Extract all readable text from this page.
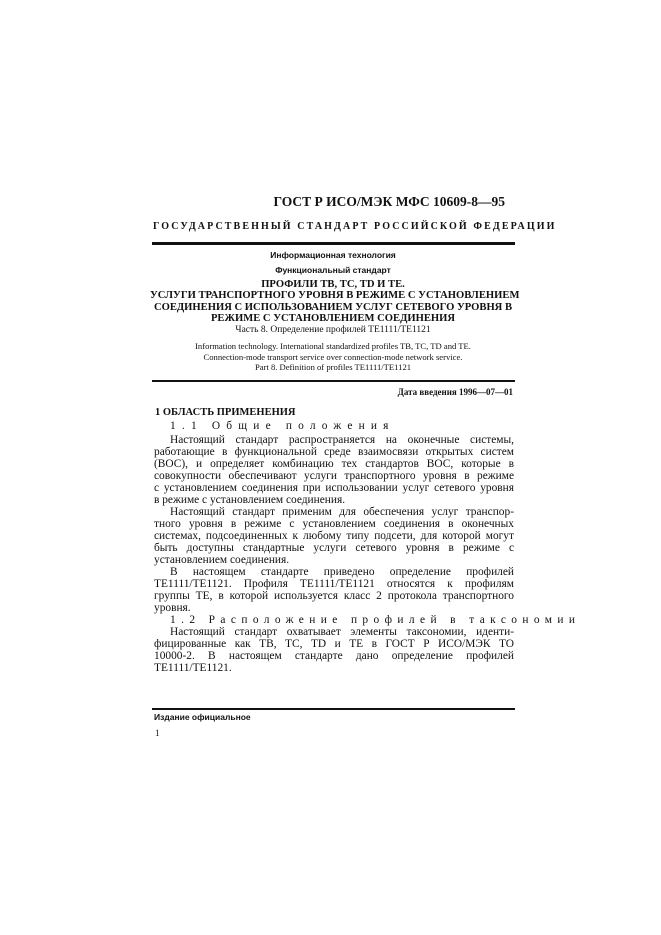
ГОСТ Р ИСО/МЭК МФС 10609-8—95
ГОСУДАРСТВЕННЫЙ СТАНДАРТ РОССИЙСКОЙ ФЕДЕРАЦИИ
Информационная технология
Функциональный стандарт
ПРОФИЛИ ТВ, ТС, TD И ТЕ.
УСЛУГИ ТРАНСПОРТНОГО УРОВНЯ В РЕЖИМЕ С УСТАНОВЛЕНИЕМ
СОЕДИНЕНИЯ С ИСПОЛЬЗОВАНИЕМ УСЛУГ СЕТЕВОГО УРОВНЯ В
РЕЖИМЕ С УСТАНОВЛЕНИЕМ СОЕДИНЕНИЯ
Часть 8. Определение профилей ТЕ1111/ТЕ1121
Information technology. International standardized profiles TB, TC, TD and TE.
Connection-mode transport service over connection-mode network service.
Part 8. Definition of profiles TE1111/TE1121
Дата введения 1996—07—01
1 ОБЛАСТЬ ПРИМЕНЕНИЯ
1.1 Общие положения
Настоящий стандарт распространяется на оконечные системы,
работающие в функциональной среде взаимосвязи открытых систем
(ВОС), и определяет комбинацию тех стандартов ВОС, которые в
совокупности обеспечивают услуги транспортного уровня в режиме
с установлением соединения при использовании услуг сетевого уровня
в режиме с установлением соединения.
Настоящий стандарт применим для обеспечения услуг транспор-
тного уровня в режиме с установлением соединения в оконечных
системах, подсоединенных к любому типу подсети, для которой могут
быть доступны стандартные услуги сетевого уровня в режиме с
установлением соединения.
В настоящем стандарте приведено определение профилей
ТЕ1111/ТЕ1121. Профиля ТЕ1111/ТЕ1121 относятся к профилям
группы ТЕ, в которой используется класс 2 протокола транспортного
уровня.
1.2 Расположение профилей в таксономии
Настоящий стандарт охватывает элементы таксономии, иденти-
фицированные как ТВ, ТС, TD и ТЕ в ГОСТ Р ИСО/МЭК ТО
10000-2. В настоящем стандарте дано определение профилей
ТЕ1111/ТЕ1121.
Издание официальное
1
